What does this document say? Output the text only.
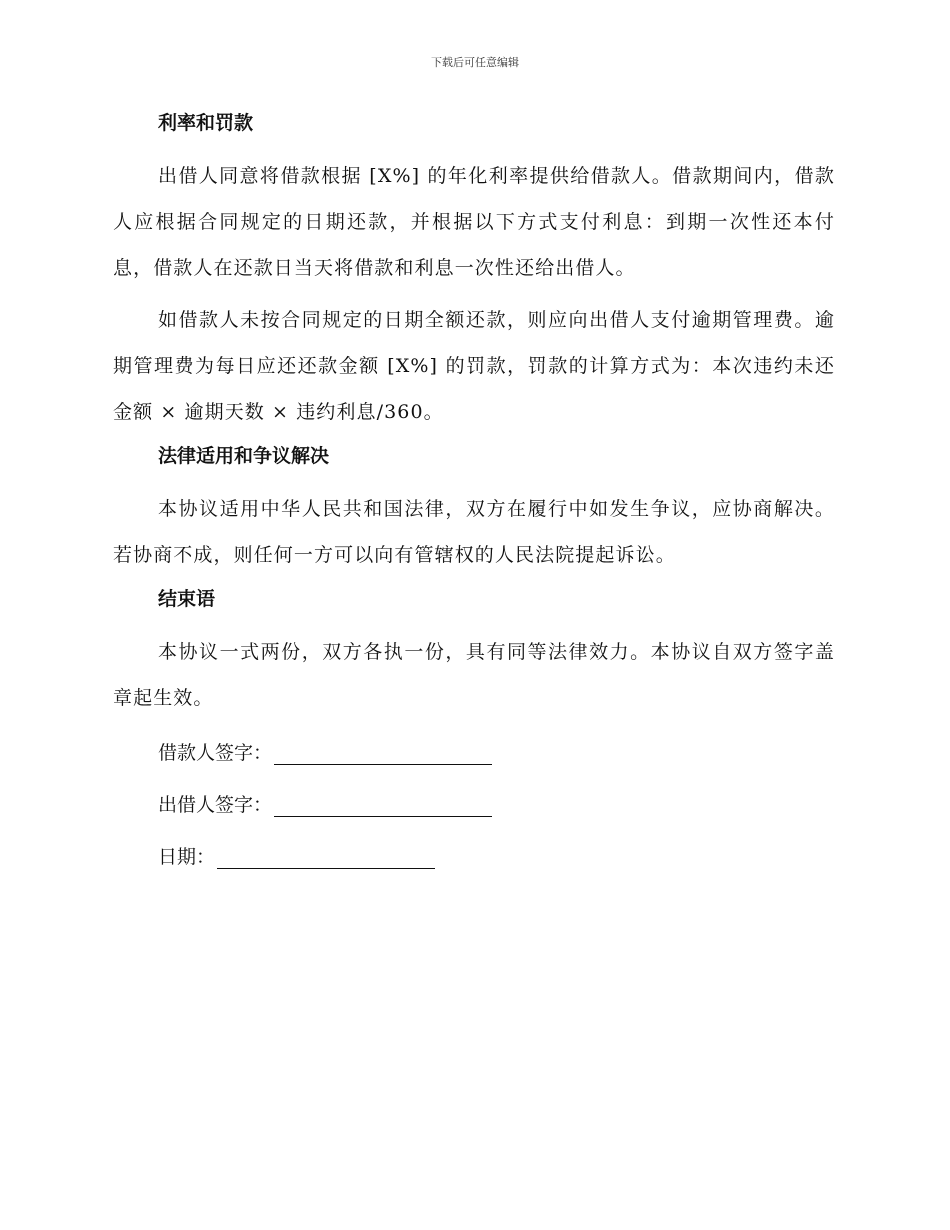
下载后可任意编辑
利率和罚款

出借人同意将借款根据 [X%] 的年化利率提供给借款人。借款期间内，借款人应根据合同规定的日期还款，并根据以下方式支付利息：到期一次性还本付息，借款人在还款日当天将借款和利息一次性还给出借人。

如借款人未按合同规定的日期全额还款，则应向出借人支付逾期管理费。逾期管理费为每日应还还款金额 [X%] 的罚款，罚款的计算方式为：本次违约未还金额 × 逾期天数 × 违约利息/360。

法律适用和争议解决

本协议适用中华人民共和国法律，双方在履行中如发生争议，应协商解决。若协商不成，则任何一方可以向有管辖权的人民法院提起诉讼。

结束语

本协议一式两份，双方各执一份，具有同等法律效力。本协议自双方签字盖章起生效。

借款人签字：
出借人签字：
日期：
